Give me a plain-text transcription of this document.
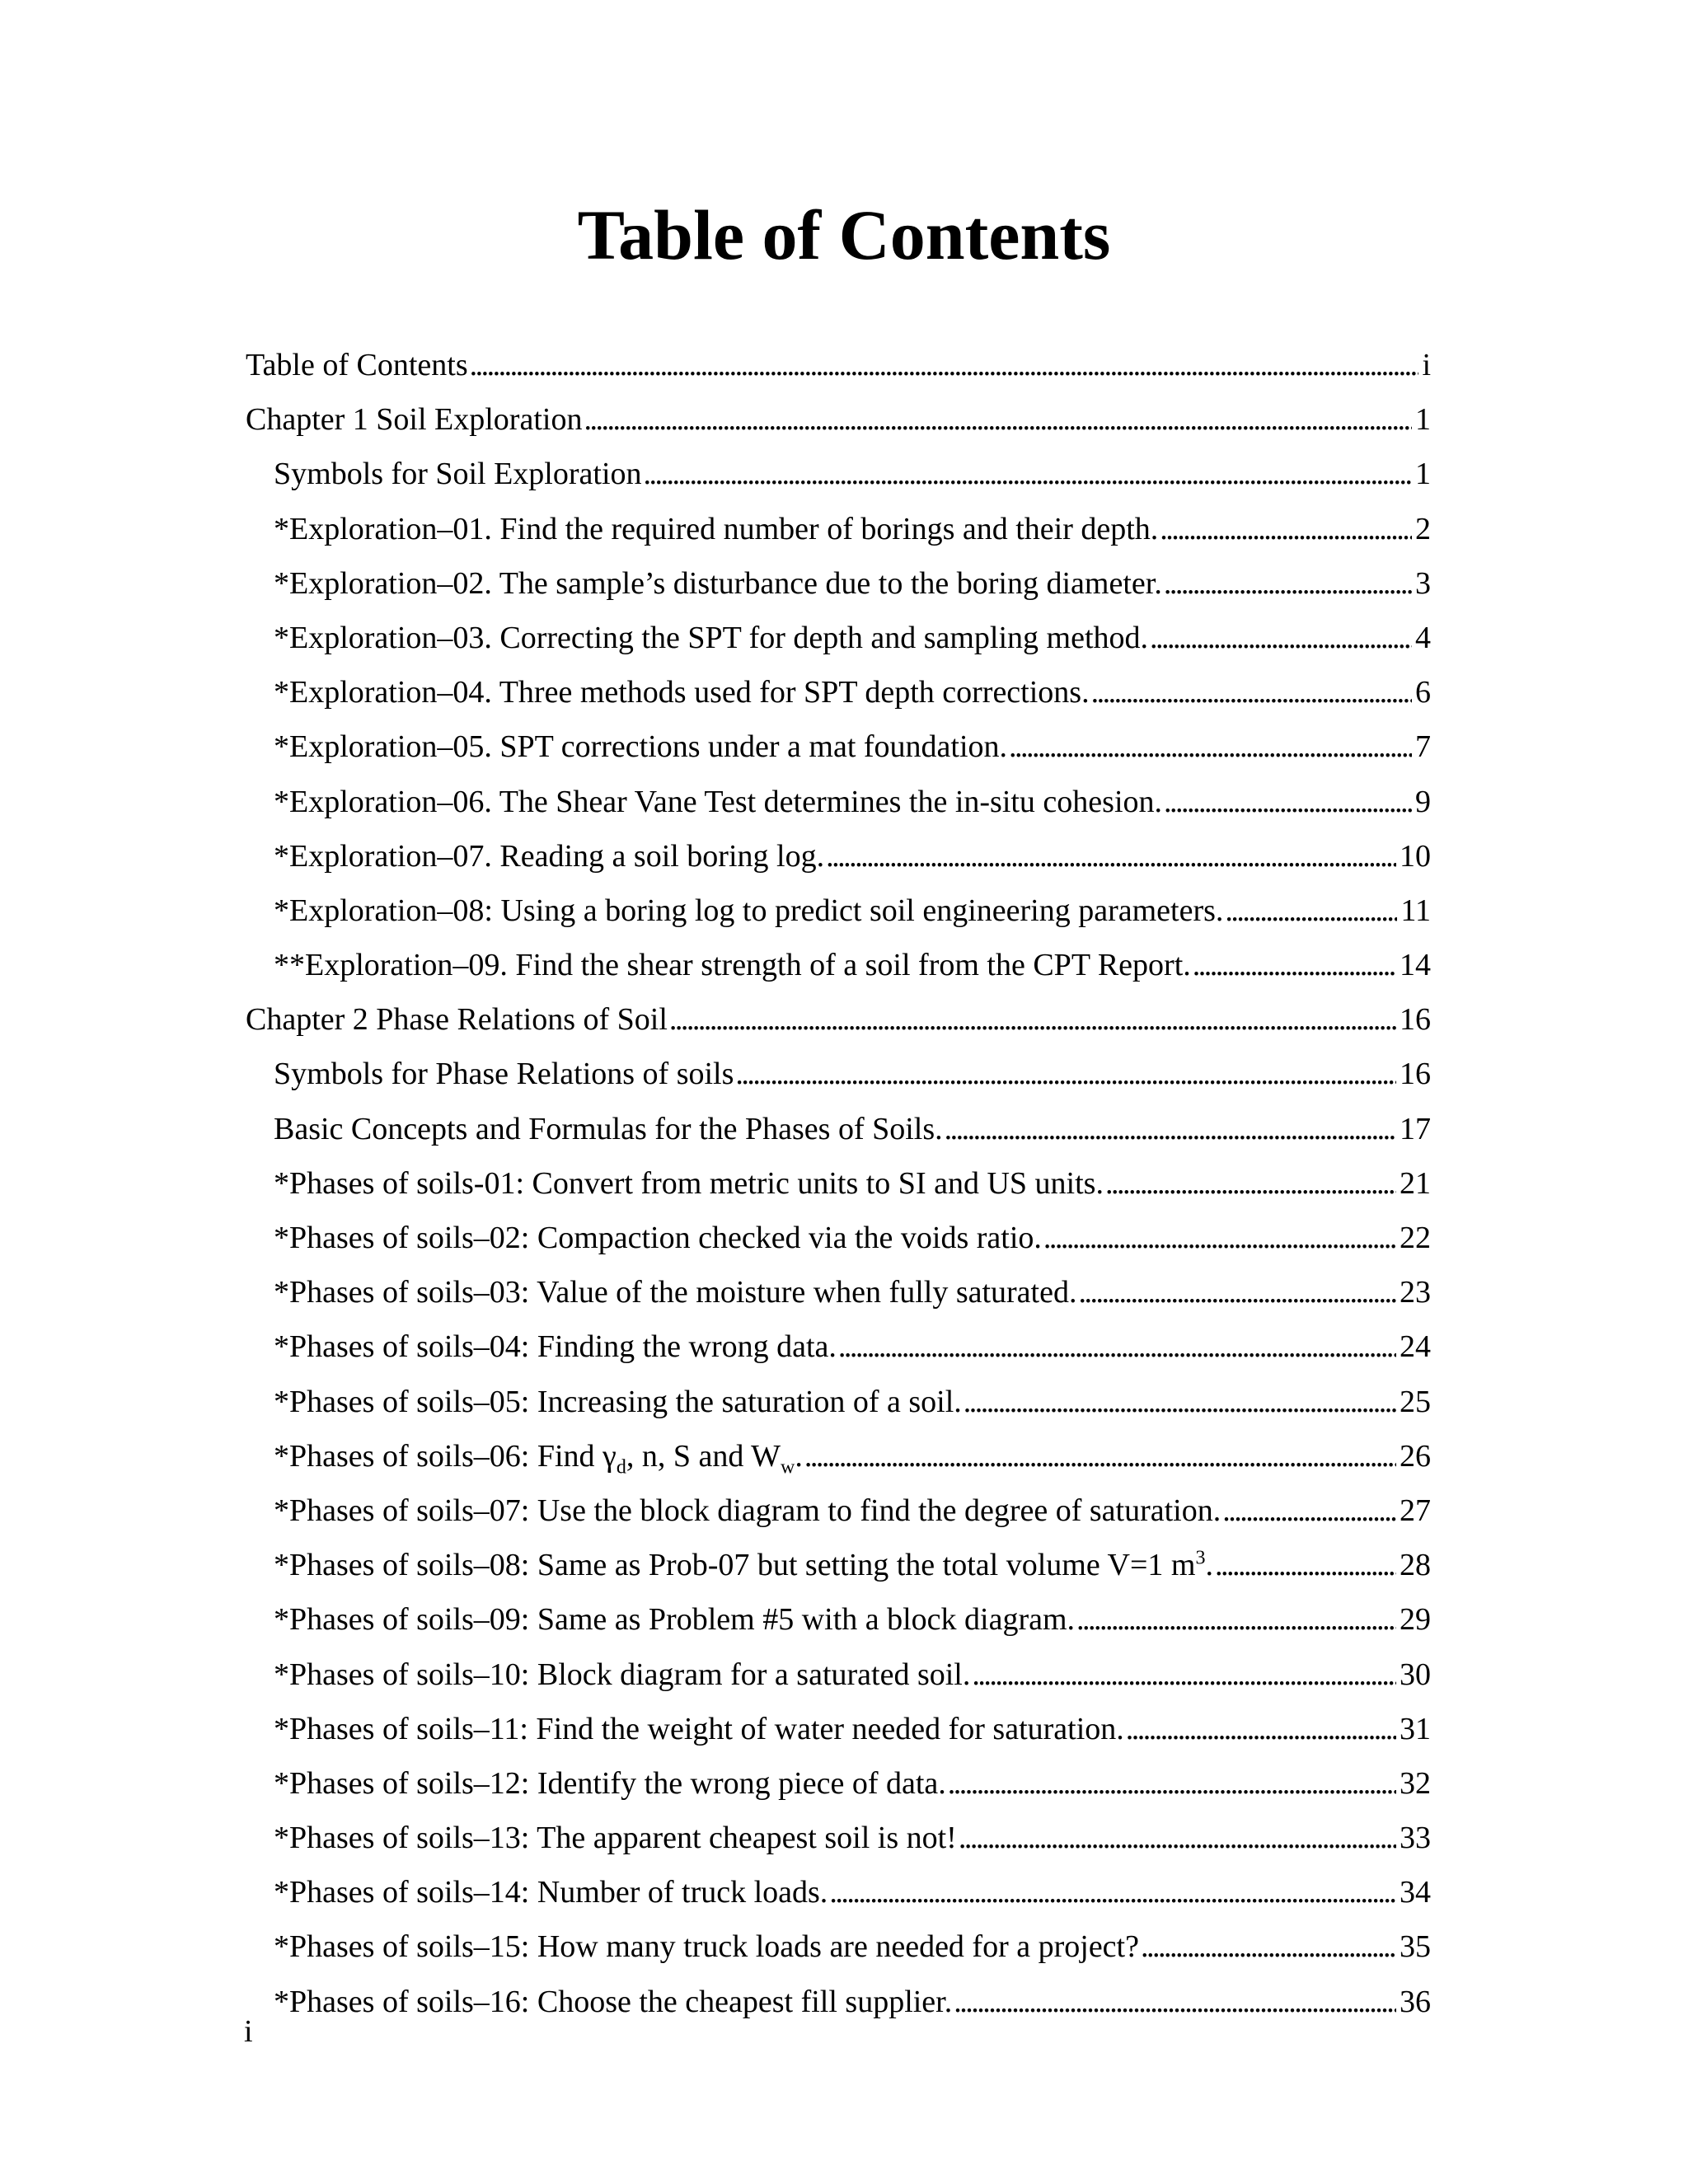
Table of Contents
Table of Contents . . .	i
Chapter 1 Soil Exploration . . .	1
Symbols for Soil Exploration . . .	1
*Exploration–01. Find the required number of borings and their depth. . . .	2
*Exploration–02. The sample’s disturbance due to the boring diameter. . . .	3
*Exploration–03. Correcting the SPT for depth and sampling method. . . .	4
*Exploration–04. Three methods used for SPT depth corrections. . . .	6
*Exploration–05. SPT corrections under a mat foundation. . . .	7
*Exploration–06. The Shear Vane Test determines the in-situ cohesion. . . .	9
*Exploration–07. Reading a soil boring log. . . .	10
*Exploration–08: Using a boring log to predict soil engineering parameters. . . .	11
**Exploration–09. Find the shear strength of a soil from the CPT Report. . . .	14
Chapter 2 Phase Relations of Soil . . .	16
Symbols for Phase Relations of soils . . .	16
Basic Concepts and Formulas for the Phases of Soils. . . .	17
*Phases of soils-01: Convert from metric units to SI and US units. . . .	21
*Phases of soils–02: Compaction checked via the voids ratio. . . .	22
*Phases of soils–03: Value of the moisture when fully saturated. . . .	23
*Phases of soils–04: Finding the wrong data. . . .	24
*Phases of soils–05: Increasing the saturation of a soil. . . .	25
*Phases of soils–06: Find $\gamma_d$, n, S and $W_w$. . . .	26
*Phases of soils–07: Use the block diagram to find the degree of saturation. . . .	27
*Phases of soils–08: Same as Prob-07 but setting the total volume V=1 $m^3$. . . .	28
*Phases of soils–09: Same as Problem #5 with a block diagram. . . .	29
*Phases of soils–10: Block diagram for a saturated soil. . . .	30
*Phases of soils–11: Find the weight of water needed for saturation. . . .	31
*Phases of soils–12: Identify the wrong piece of data. . . .	32
*Phases of soils–13: The apparent cheapest soil is not! . . .	33
*Phases of soils–14: Number of truck loads. . . .	34
*Phases of soils–15: How many truck loads are needed for a project? . . .	35
*Phases of soils–16: Choose the cheapest fill supplier. . . .	36
i
